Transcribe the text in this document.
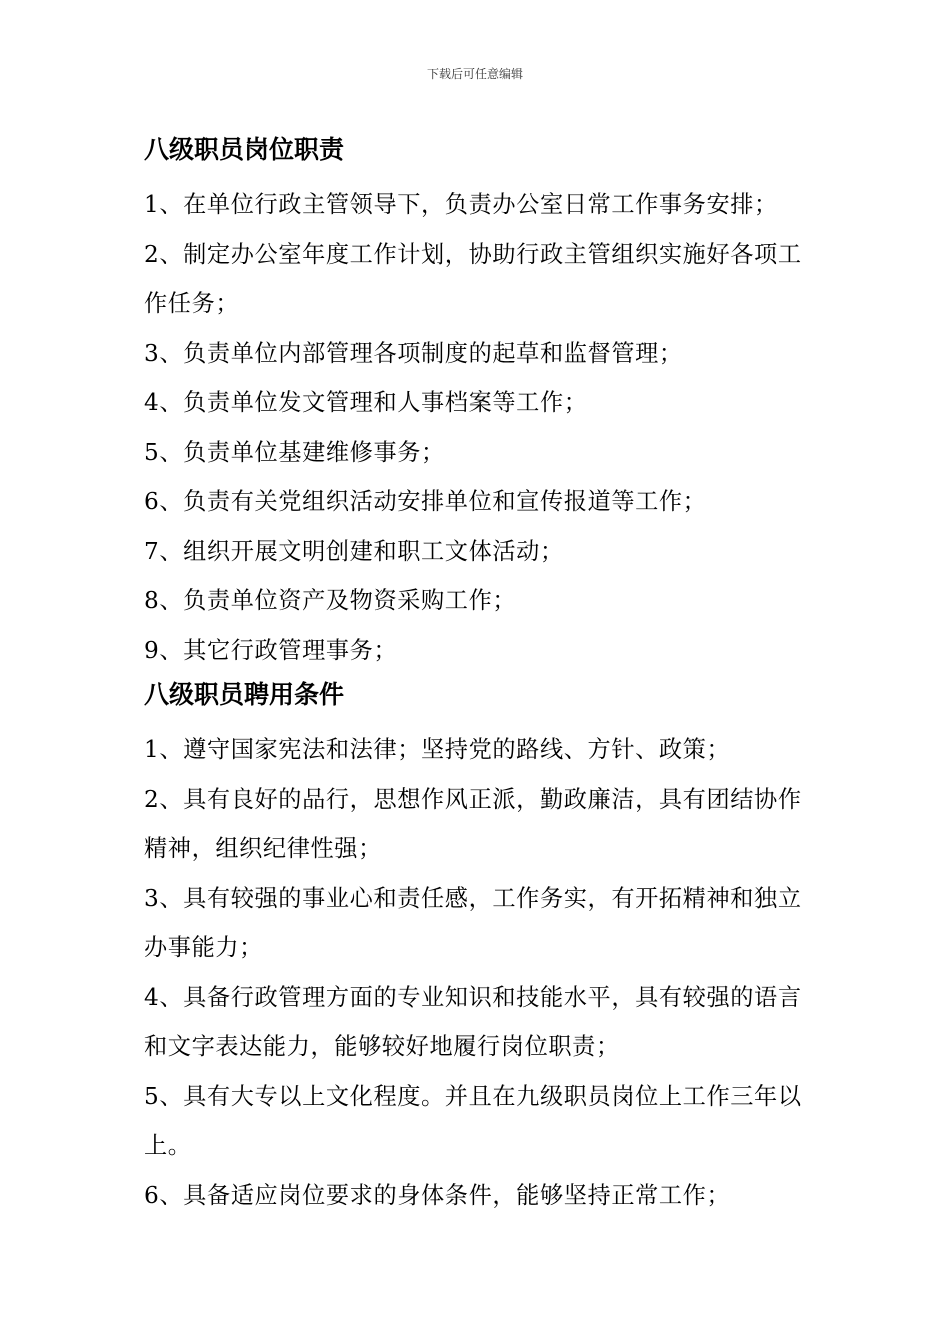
下载后可任意编辑
八级职员岗位职责
1、在单位行政主管领导下，负责办公室日常工作事务安排；
2、制定办公室年度工作计划，协助行政主管组织实施好各项工作任务；
3、负责单位内部管理各项制度的起草和监督管理；
4、负责单位发文管理和人事档案等工作；
5、负责单位基建维修事务；
6、负责有关党组织活动安排单位和宣传报道等工作；
7、组织开展文明创建和职工文体活动；
8、负责单位资产及物资采购工作；
9、其它行政管理事务；
八级职员聘用条件
1、遵守国家宪法和法律；坚持党的路线、方针、政策；
2、具有良好的品行，思想作风正派，勤政廉洁，具有团结协作精神，组织纪律性强；
3、具有较强的事业心和责任感，工作务实，有开拓精神和独立办事能力；
4、具备行政管理方面的专业知识和技能水平，具有较强的语言和文字表达能力，能够较好地履行岗位职责；
5、具有大专以上文化程度。并且在九级职员岗位上工作三年以上。
6、具备适应岗位要求的身体条件，能够坚持正常工作；
